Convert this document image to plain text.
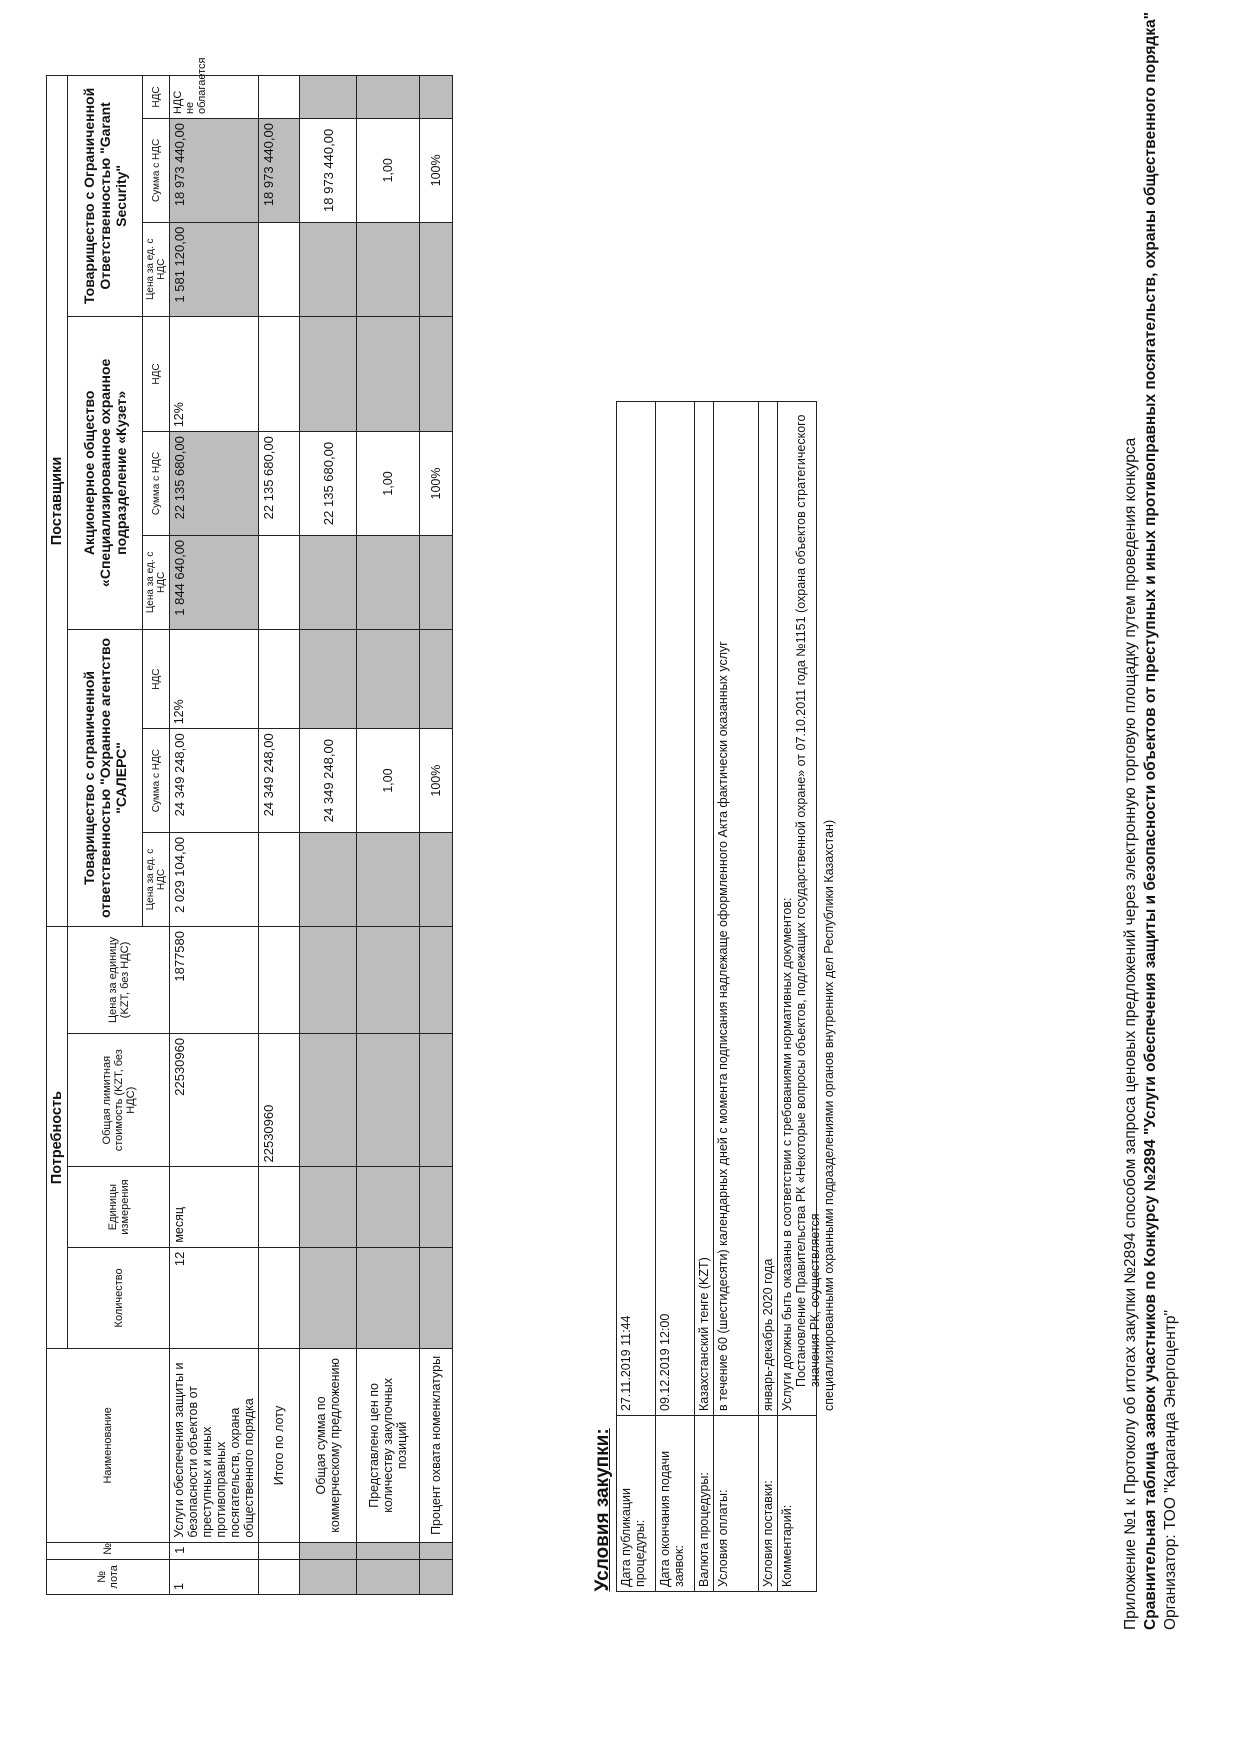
Приложение №1 к Протоколу об итогах закупки №2894 способом запроса ценовых предложений через электронную торговую площадку путем проведения конкурса Сравнительная таблица заявок участников по Конкурсу №2894 "Услуги обеспечения защиты и безопасности объектов от преступных и иных противоправных посягательств, охраны общественного порядка" Организатор: ТОО "Караганда Энергоцентр"
№ лота	№	Наименование	Потребность				Поставщики								
			Количество	Единицы измерения	Общая лимитная стоимость (KZT, без НДС)	Цена за единицу (KZT, без НДС)	Товарищество с ограниченной ответственностью "Охранное агентство "САЛЕРС"			Акционерное общество «Специализированное охранное подразделение «Кузет»			Товарищество с Ограниченной Ответственностью "Garant Security"		
							Цена за ед. с НДС	Сумма с НДС	НДС	Цена за ед. с НДС	Сумма с НДС	НДС	Цена за ед. с НДС	Сумма с НДС	НДС
1	1	Услуги обеспечения защиты и безопасности объектов от преступных и иных противоправных посягательств, охрана общественного порядка	12	месяц	22530960	1877580	2 029 104,00	24 349 248,00	12%	1 844 640,00	22 135 680,00	12%	1 581 120,00	18 973 440,00	НДС не облагается
		Итого по лоту			22530960			24 349 248,00			22 135 680,00			18 973 440,00	
		Общая сумма по коммерческому предложению						24 349 248,00			22 135 680,00			18 973 440,00	
		Представлено цен по количеству закупочных позиций						1,00			1,00			1,00	
		Процент охвата номенклатуры						100%			100%			100%	
Условия закупки:	
Дата публикации процедуры:	27.11.2019 11:44
Дата окончания подачи заявок:	09.12.2019 12:00
Валюта процедуры:	Казахстанский тенге (KZT)
Условия оплаты:	в течение 60 (шестидесяти) календарных дней с момента подписания надлежаще оформленного Акта фактически оказанных услуг
Условия поставки:	январь-декабрь 2020 года
Комментарий:	Услуги должны быть оказаны в соответствии с требованиями нормативных документов: Постановление Правительства РК «Некоторые вопросы объектов, подлежащих государственной охране» от 07.10.2011 года №1151 (охрана объектов стратегического значения РК, осуществляется специализированными охранными подразделениями органов внутренних дел Республики Казахстан)
